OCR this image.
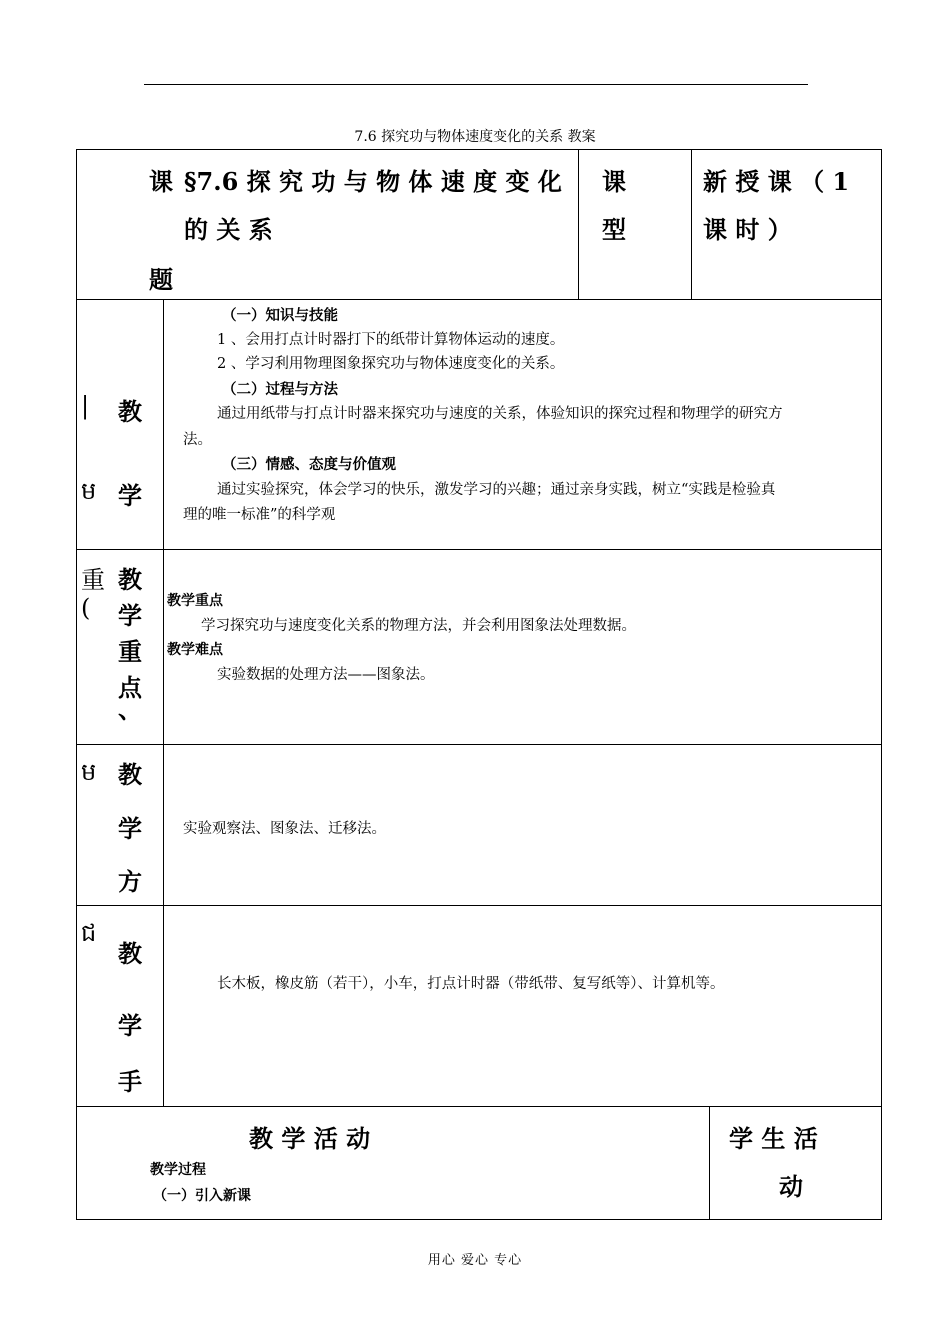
7.6 探究功与物体速度变化的关系 教案
课
题
§7.6 探 究 功 与 物 体 速 度 变 化
的 关 系
课
型
新 授 课 （ 1
课 时 ）
|
ម
教
学
（一）知识与技能
1 、会用打点计时器打下的纸带计算物体运动的速度。
2 、学习利用物理图象探究功与物体速度变化的关系。
（二）过程与方法
通过用纸带与打点计时器来探究功与速度的关系，体验知识的探究过程和物理学的研究方
法。
（三）情感、态度与价值观
通过实验探究，体会学习的快乐，激发学习的兴趣；通过亲身实践，树立“实践是检验真
理的唯一标准”的科学观
重
(
教
学
重
点
、
教学重点
学习探究功与速度变化关系的物理方法，并会利用图象法处理数据。
教学难点
实验数据的处理方法——图象法。
ម 教
学
方
实验观察法、图象法、迁移法。
ជ
教
学
手
长木板，橡皮筋（若干），小车，打点计时器（带纸带、复写纸等）、计算机等。
教 学 活 动
教学过程
（一）引入新课
学 生 活
动
用心 爱心 专心
